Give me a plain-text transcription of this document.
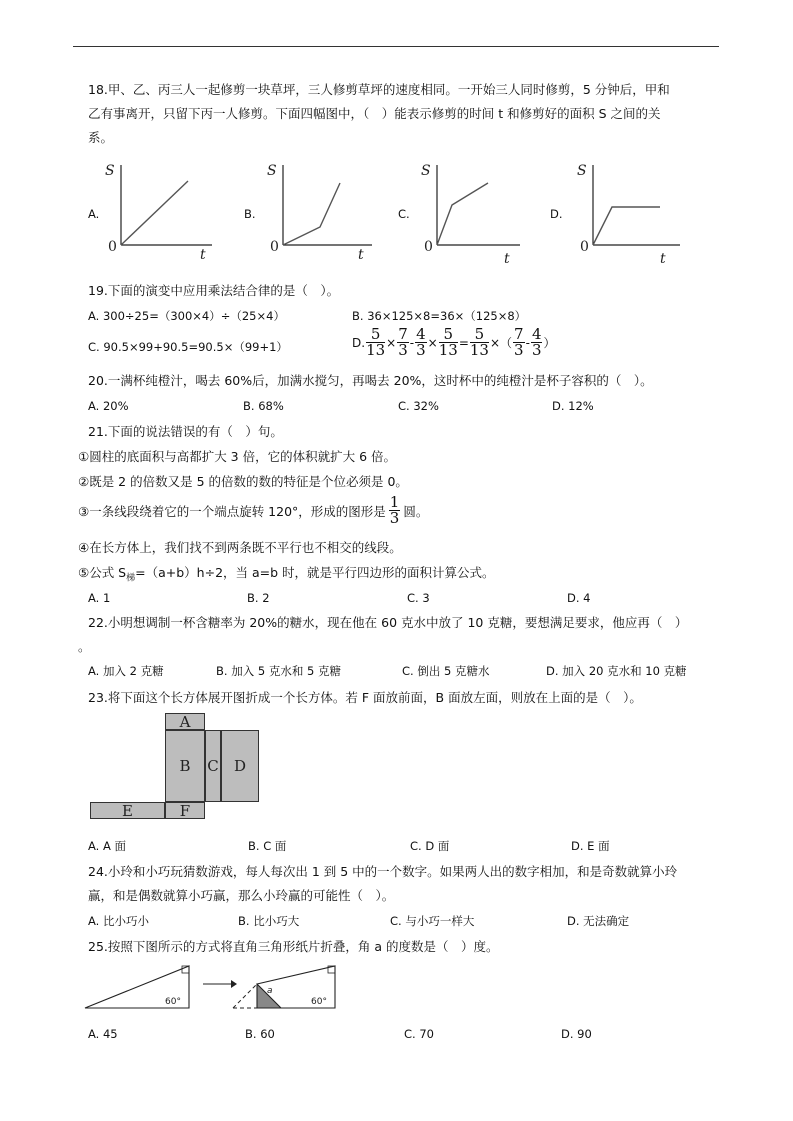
18.甲、乙、丙三人一起修剪一块草坪，三人修剪草坪的速度相同。一开始三人同时修剪，5 分钟后，甲和
乙有事离开，只留下丙一人修剪。下面四幅图中，（　）能表示修剪的时间 t 和修剪好的面积 S 之间的关
系。
A.
S
0	t
B.
S
0	t
C.
S
0
t
D.
S
0
t
19.下面的演变中应用乘法结合律的是（　）。
A. 300÷25=（300×4）÷（25×4）	B. 36×125×8=36×（125×8）
C. 90.5×99+90.5=90.5×（99+1）	D. $\frac{5}{13} \times \frac{7}{3} - \frac{4}{3} \times \frac{5}{13} = \frac{5}{13}$ × （ $\frac{7}{3} - \frac{4}{3}$ ）
20.一满杯纯橙汁，喝去 60%后，加满水搅匀，再喝去 20%，这时杯中的纯橙汁是杯子容积的（　）。
A. 20%	B. 68%	C. 32%	D. 12%
21.下面的说法错误的有（　）句。
①圆柱的底面积与高都扩大 3 倍，它的体积就扩大 6 倍。
②既是 2 的倍数又是 5 的倍数的数的特征是个位必须是 0。
③一条线段绕着它的一个端点旋转 120°，形成的图形是 $\frac{1}{3}$ 圆。
④在长方体上，我们找不到两条既不平行也不相交的线段。
⑤公式 $S_梯=(a+b)h\div 2$，当 a=b 时，就是平行四边形的面积计算公式。
A. 1	B. 2	C. 3	D. 4
22.小明想调制一杯含糖率为 20%的糖水，现在他在 60 克水中放了 10 克糖，要想满足要求，他应再（　）
。
A. 加入 2 克糖	B. 加入 5 克水和 5 克糖	C. 倒出 5 克糖水	D. 加入 20 克水和 10 克糖
23.将下面这个长方体展开图折成一个长方体。若 F 面放前面，B 面放左面，则放在上面的是（　）。
A
B	C	D
E	F
A. A 面	B. C 面	C. D 面	D. E 面
24.小玲和小巧玩猜数游戏，每人每次出 1 到 5 中的一个数字。如果两人出的数字相加，和是奇数就算小玲
赢，和是偶数就算小巧赢，那么小玲赢的可能性（　）。
A. 比小巧小	B. 比小巧大	C. 与小巧一样大	D. 无法确定
25.按照下图所示的方式将直角三角形纸片折叠，角 a 的度数是（　）度。
60°
a
60°
A. 45	B. 60	C. 70	D. 90
